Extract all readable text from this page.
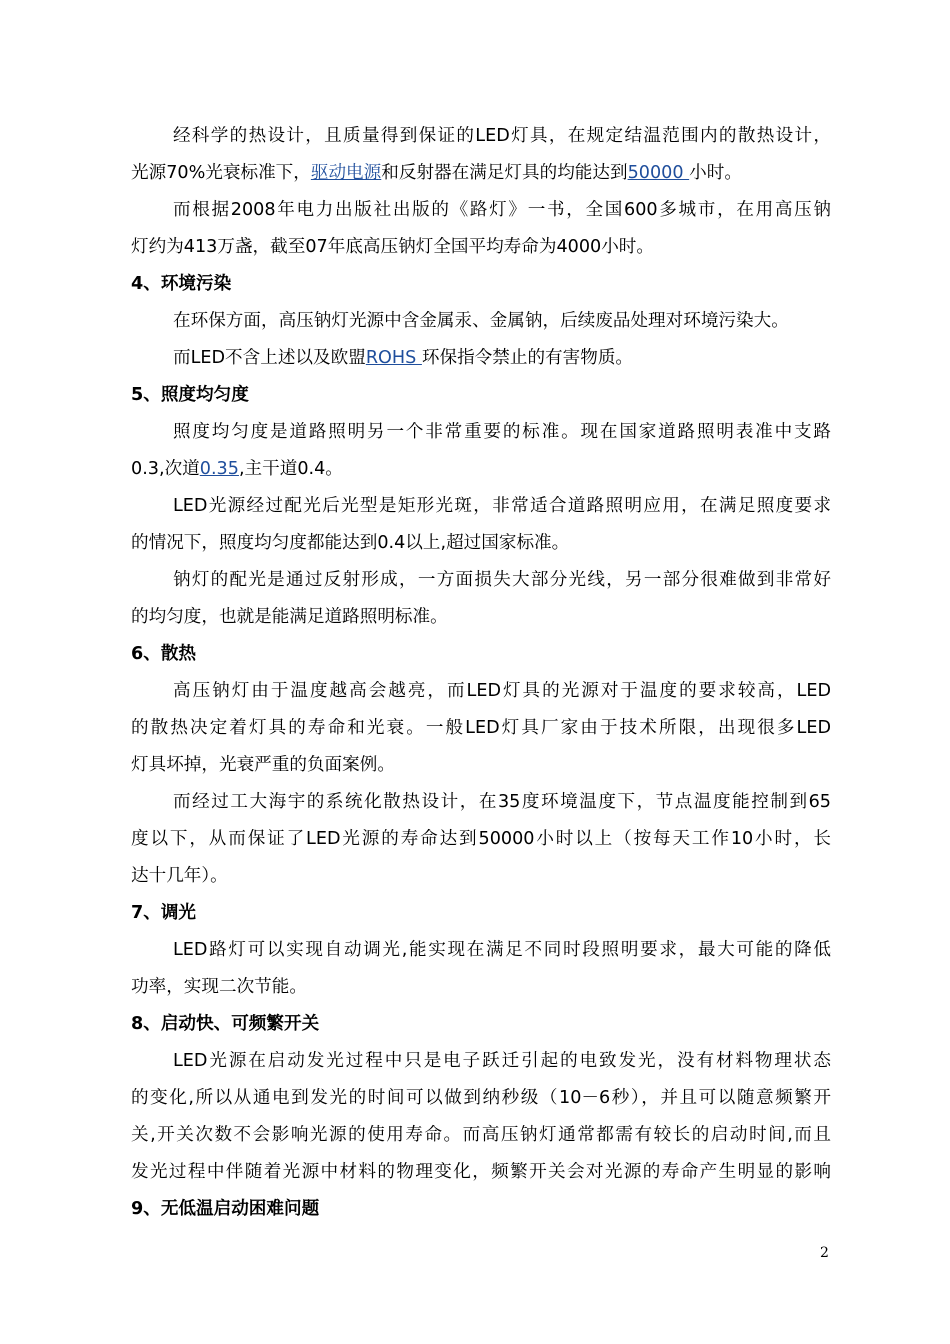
经科学的热设计，且质量得到保证的LED灯具，在规定结温范围内的散热设计，
光源70%光衰标准下，驱动电源和反射器在满足灯具的均能达到50000 小时。
而根据2008年电力出版社出版的《路灯》一书，全国600多城市，在用高压钠
灯约为413万盏，截至07年底高压钠灯全国平均寿命为4000小时。
4、环境污染
在环保方面，高压钠灯光源中含金属汞、金属钠，后续废品处理对环境污染大。
而LED不含上述以及欧盟ROHS 环保指令禁止的有害物质。
5、照度均匀度
照度均匀度是道路照明另一个非常重要的标准。现在国家道路照明表准中支路
0.3,次道0.35,主干道0.4。
LED光源经过配光后光型是矩形光斑，非常适合道路照明应用，在满足照度要求
的情况下，照度均匀度都能达到0.4以上,超过国家标准。
钠灯的配光是通过反射形成，一方面损失大部分光线，另一部分很难做到非常好
的均匀度，也就是能满足道路照明标准。
6、散热
高压钠灯由于温度越高会越亮，而LED灯具的光源对于温度的要求较高，LED
的散热决定着灯具的寿命和光衰。一般LED灯具厂家由于技术所限，出现很多LED
灯具坏掉，光衰严重的负面案例。
而经过工大海宇的系统化散热设计，在35度环境温度下，节点温度能控制到65
度以下，从而保证了LED光源的寿命达到50000小时以上（按每天工作10小时，长
达十几年）。
7、调光
LED路灯可以实现自动调光,能实现在满足不同时段照明要求，最大可能的降低
功率，实现二次节能。
8、启动快、可频繁开关
LED光源在启动发光过程中只是电子跃迁引起的电致发光，没有材料物理状态
的变化,所以从通电到发光的时间可以做到纳秒级（10－6秒），并且可以随意频繁开
关,开关次数不会影响光源的使用寿命。而高压钠灯通常都需有较长的启动时间,而且
发光过程中伴随着光源中材料的物理变化，频繁开关会对光源的寿命产生明显的影响
9、无低温启动困难问题
2
